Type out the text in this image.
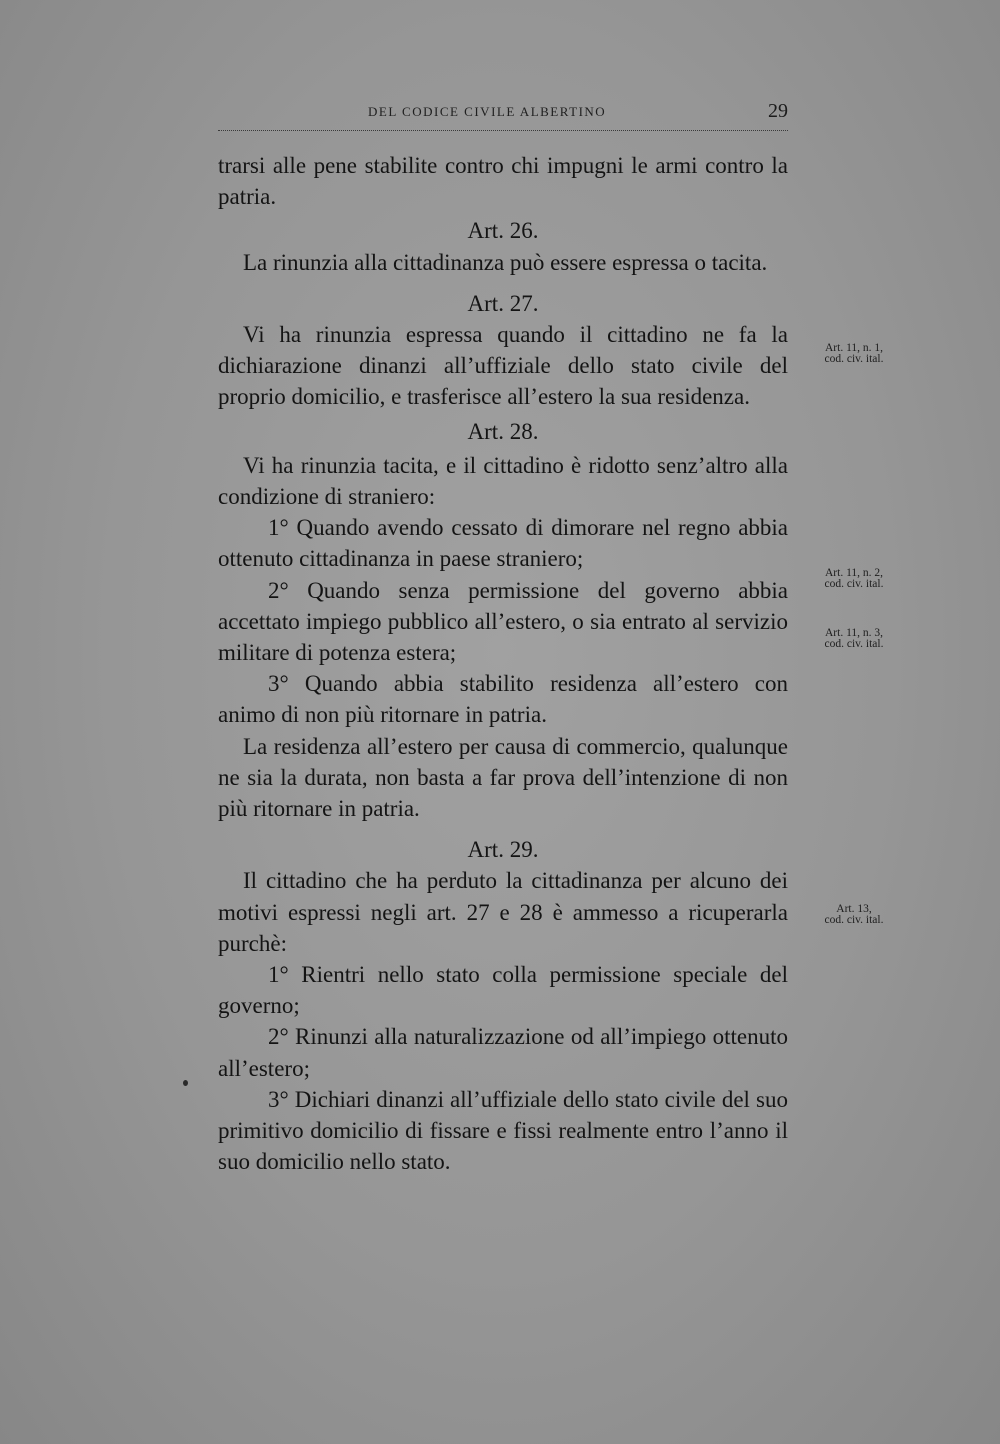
DEL CODICE CIVILE ALBERTINO	29

trarsi alle pene stabilite contro chi impugni le armi contro la patria.

Art. 26.

La rinunzia alla cittadinanza può essere espressa o tacita.

Art. 27.

Vi ha rinunzia espressa quando il cittadino ne fa la dichiarazione dinanzi all’uffiziale dello stato civile del proprio domicilio, e trasferisce all’estero la sua residenza.

Art. 28.

Vi ha rinunzia tacita, e il cittadino è ridotto senz’altro alla condizione di straniero:

1° Quando avendo cessato di dimorare nel regno abbia ottenuto cittadinanza in paese straniero;

2° Quando senza permissione del governo abbia accettato impiego pubblico all’estero, o sia entrato al servizio militare di potenza estera;

3° Quando abbia stabilito residenza all’estero con animo di non più ritornare in patria.

La residenza all’estero per causa di commercio, qualunque ne sia la durata, non basta a far prova dell’intenzione di non più ritornare in patria.

Art. 29.

Il cittadino che ha perduto la cittadinanza per alcuno dei motivi espressi negli art. 27 e 28 è ammesso a ricuperarla purchè:

1° Rientri nello stato colla permissione speciale del governo;

2° Rinunzi alla naturalizzazione od all’impiego ottenuto all’estero;

3° Dichiari dinanzi all’uffiziale dello stato civile del suo primitivo domicilio di fissare e fissi realmente entro l’anno il suo domicilio nello stato.

Art. 11, n. 1,
cod. civ. ital.
Art. 11, n. 2,
cod. civ. ital.
Art. 11, n. 3,
cod. civ. ital.
Art. 13,
cod. civ. ital.
